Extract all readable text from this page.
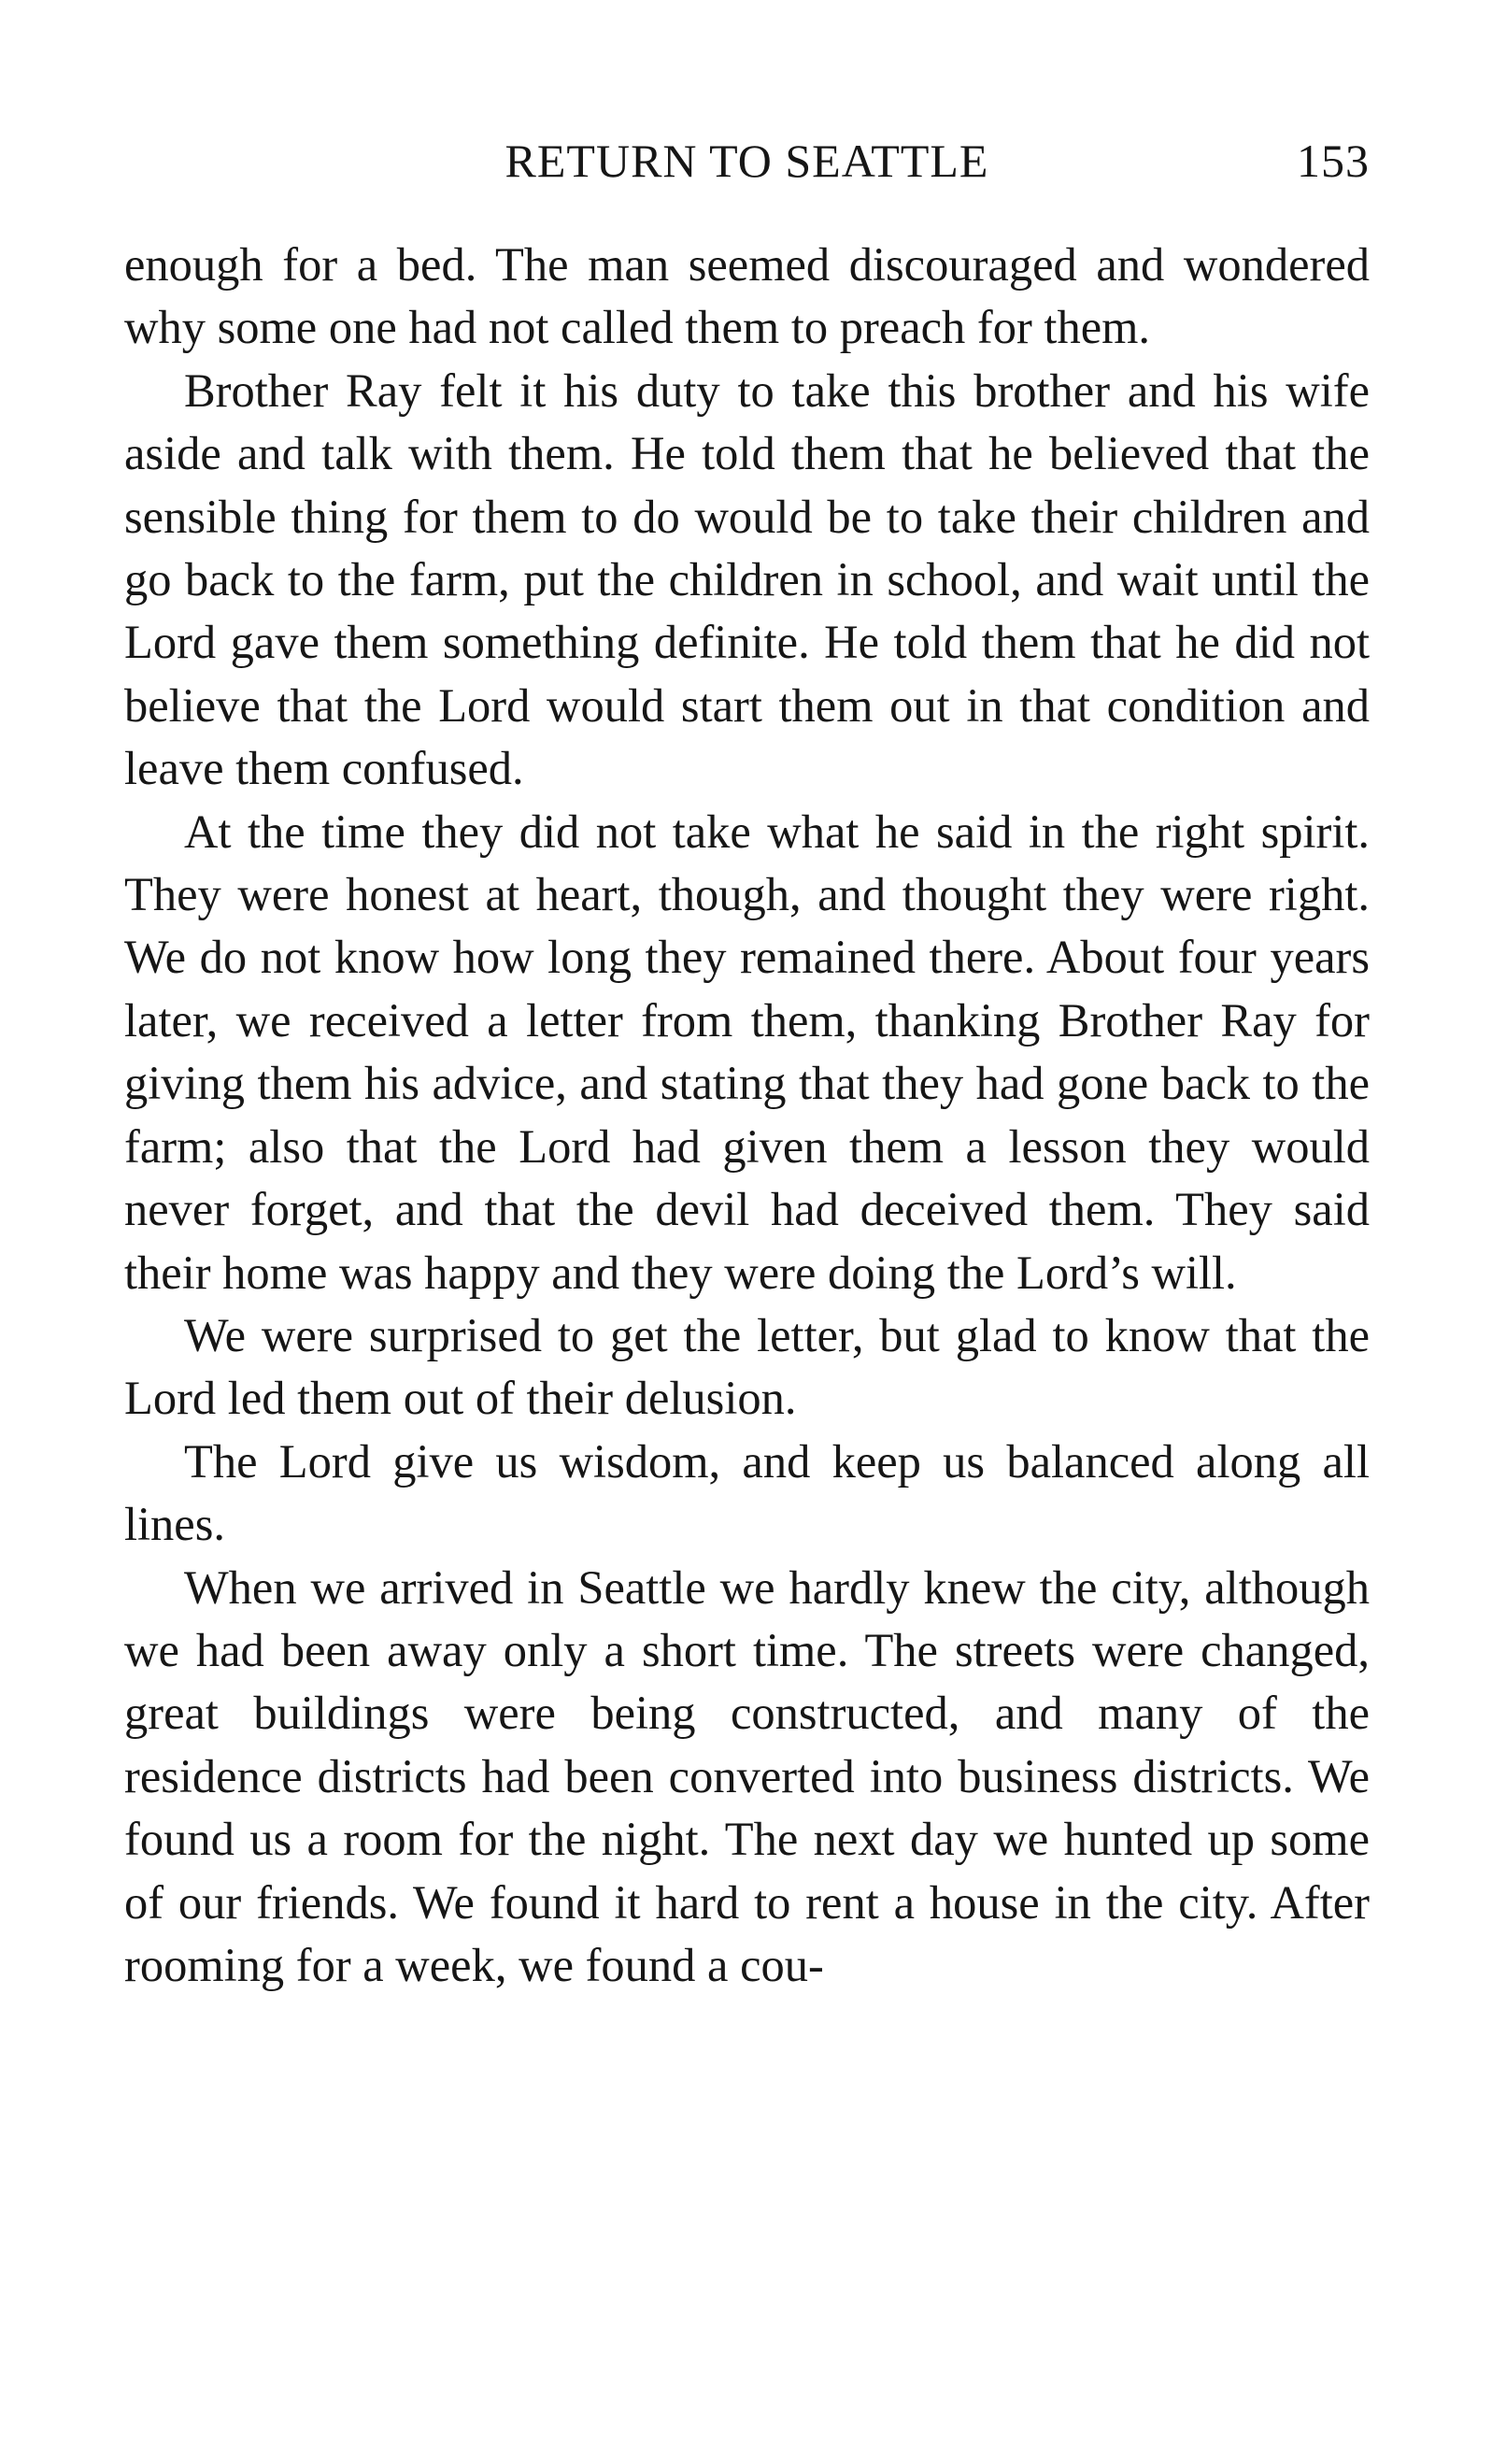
RETURN TO SEATTLE	153

enough for a bed. The man seemed discouraged and wondered why some one had not called them to preach for them.

Brother Ray felt it his duty to take this brother and his wife aside and talk with them. He told them that he believed that the sensible thing for them to do would be to take their children and go back to the farm, put the children in school, and wait until the Lord gave them something definite. He told them that he did not believe that the Lord would start them out in that condition and leave them confused.

At the time they did not take what he said in the right spirit. They were honest at heart, though, and thought they were right. We do not know how long they remained there. About four years later, we received a letter from them, thanking Brother Ray for giving them his advice, and stating that they had gone back to the farm; also that the Lord had given them a lesson they would never forget, and that the devil had deceived them. They said their home was happy and they were doing the Lord’s will.

We were surprised to get the letter, but glad to know that the Lord led them out of their delusion.

The Lord give us wisdom, and keep us balanced along all lines.

When we arrived in Seattle we hardly knew the city, although we had been away only a short time. The streets were changed, great buildings were being constructed, and many of the residence districts had been converted into business districts. We found us a room for the night. The next day we hunted up some of our friends. We found it hard to rent a house in the city. After rooming for a week, we found a cou-
